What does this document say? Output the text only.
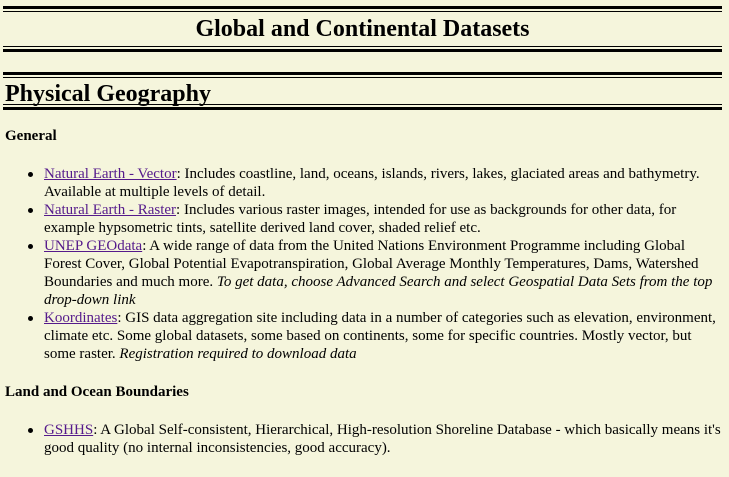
Global and Continental Datasets
Physical Geography
General
Natural Earth - Vector: Includes coastline, land, oceans, islands, rivers, lakes, glaciated areas and bathymetry. Available at multiple levels of detail.
Natural Earth - Raster: Includes various raster images, intended for use as backgrounds for other data, for example hypsometric tints, satellite derived land cover, shaded relief etc.
UNEP GEOdata: A wide range of data from the United Nations Environment Programme including Global Forest Cover, Global Potential Evapotranspiration, Global Average Monthly Temperatures, Dams, Watershed Boundaries and much more. To get data, choose Advanced Search and select Geospatial Data Sets from the top drop-down link
Koordinates: GIS data aggregation site including data in a number of categories such as elevation, environment, climate etc. Some global datasets, some based on continents, some for specific countries. Mostly vector, but some raster. Registration required to download data
Land and Ocean Boundaries
GSHHS: A Global Self-consistent, Hierarchical, High-resolution Shoreline Database - which basically means it's good quality (no internal inconsistencies, good accuracy).
